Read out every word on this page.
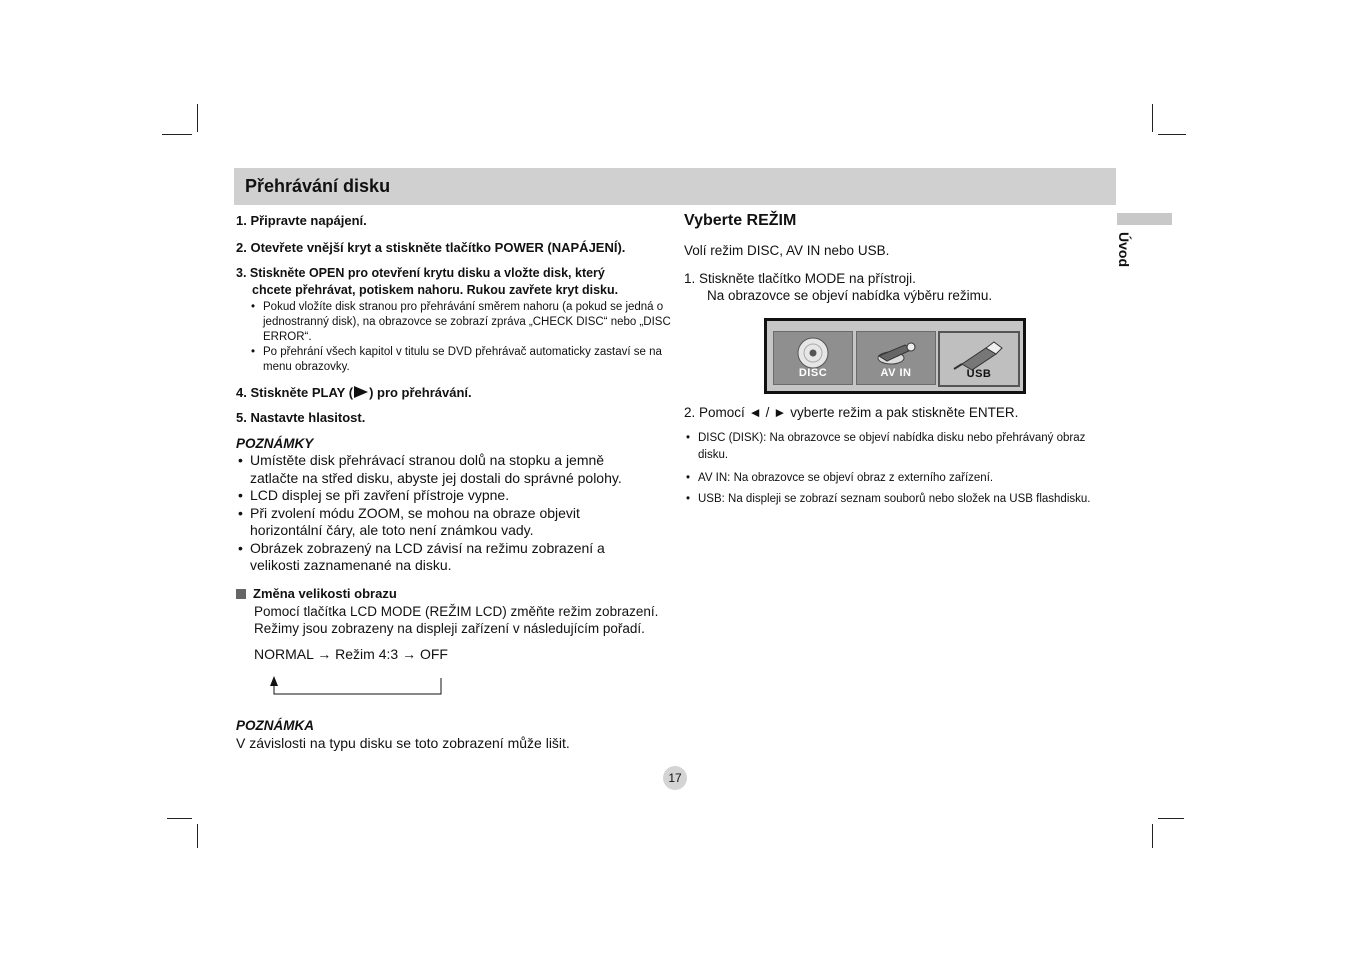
Přehrávání disku
Úvod
1. Připravte napájení.
2. Otevřete vnější kryt a stiskněte tlačítko POWER (NAPÁJENÍ).
3. Stiskněte OPEN pro otevření krytu disku a vložte disk, který
chcete přehrávat, potiskem nahoru. Rukou zavřete kryt disku.
• Pokud vložíte disk stranou pro přehrávání směrem nahoru (a pokud se jedná o jednostranný disk), na obrazovce se zobrazí zpráva „CHECK DISC“ nebo „DISC ERROR“.
• Po přehrání všech kapitol v titulu se DVD přehrávač automaticky zastaví se na menu obrazovky.
4. Stiskněte PLAY ( ) pro přehrávání.
5. Nastavte hlasitost.
POZNÁMKY
• Umístěte disk přehrávací stranou dolů na stopku a jemně zatlačte na střed disku, abyste jej dostali do správné polohy.
• LCD displej se při zavření přístroje vypne.
• Při zvolení módu ZOOM, se mohou na obraze objevit horizontální čáry, ale toto není známkou vady.
• Obrázek zobrazený na LCD závisí na režimu zobrazení a velikosti zaznamenané na disku.
Změna velikosti obrazu
Pomocí tlačítka LCD MODE (REŽIM LCD) změňte režim zobrazení.
Režimy jsou zobrazeny na displeji zařízení v následujícím pořadí.
NORMAL → Režim 4:3 → OFF
POZNÁMKA
V závislosti na typu disku se toto zobrazení může lišit.
Vyberte REŽIM
Volí režim DISC, AV IN nebo USB.
1. Stiskněte tlačítko MODE na přístroji.
Na obrazovce se objeví nabídka výběru režimu.
DISC	AV IN	USB
2. Pomocí ◄ / ► vyberte režim a pak stiskněte ENTER.
• DISC (DISK): Na obrazovce se objeví nabídka disku nebo přehrávaný obraz disku.
• AV IN: Na obrazovce se objeví obraz z externího zařízení.
• USB: Na displeji se zobrazí seznam souborů nebo složek na USB flashdisku.
17
